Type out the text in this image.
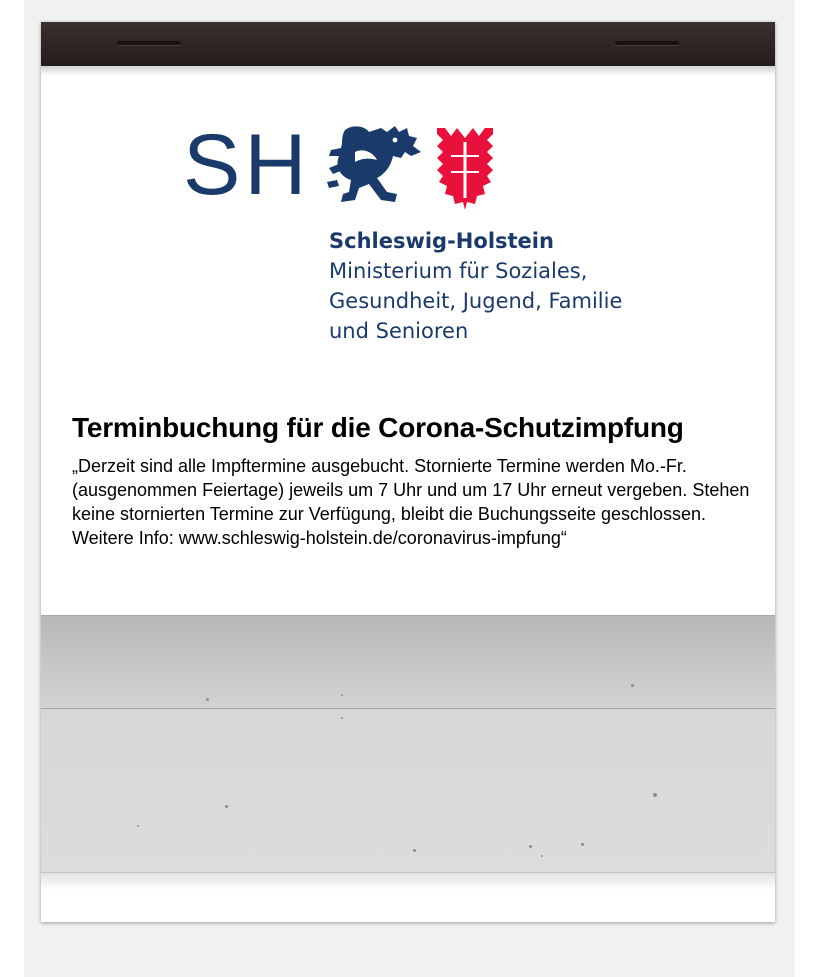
SH
Schleswig-Holstein
Ministerium für Soziales,
Gesundheit, Jugend, Familie
und Senioren
Terminbuchung für die Corona-Schutzimpfung

„Derzeit sind alle Impftermine ausgebucht. Stornierte Termine werden Mo.-Fr. (ausgenommen Feiertage) jeweils um 7 Uhr und um 17 Uhr erneut vergeben. Stehen keine stornierten Termine zur Verfügung, bleibt die Buchungsseite geschlossen. Weitere Info: www.schleswig-holstein.de/coronavirus-impfung“
